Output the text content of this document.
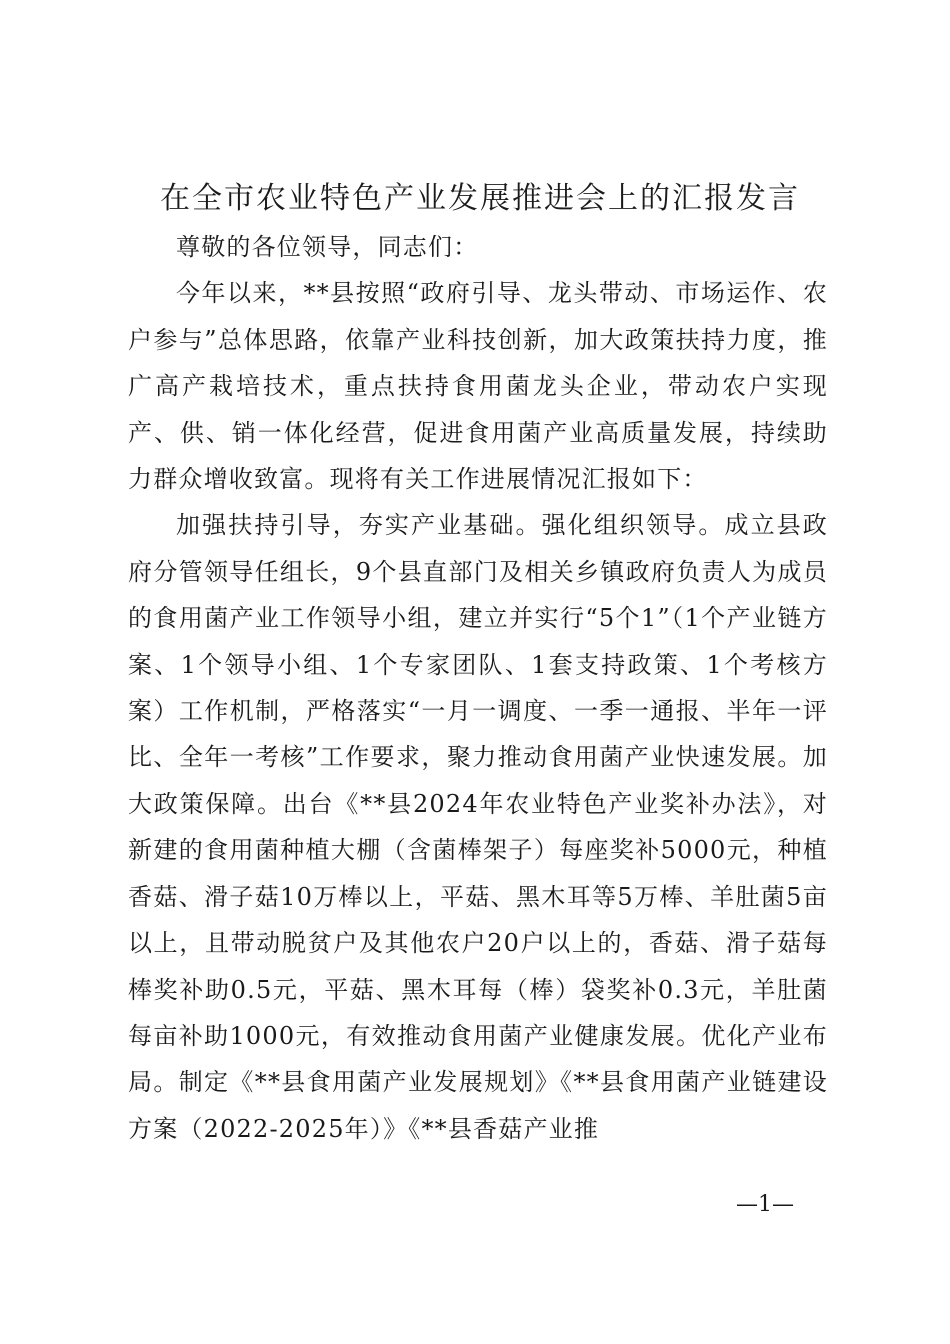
在全市农业特色产业发展推进会上的汇报发言

尊敬的各位领导，同志们：

今年以来，**县按照“政府引导、龙头带动、市场运作、农户参与”总体思路，依靠产业科技创新，加大政策扶持力度，推广高产栽培技术，重点扶持食用菌龙头企业，带动农户实现产、供、销一体化经营，促进食用菌产业高质量发展，持续助力群众增收致富。现将有关工作进展情况汇报如下：

加强扶持引导，夯实产业基础。强化组织领导。成立县政府分管领导任组长，9个县直部门及相关乡镇政府负责人为成员的食用菌产业工作领导小组，建立并实行“5个1”（1个产业链方案、1个领导小组、1个专家团队、1套支持政策、1个考核方案）工作机制，严格落实“一月一调度、一季一通报、半年一评比、全年一考核”工作要求，聚力推动食用菌产业快速发展。加大政策保障。出台《**县2024年农业特色产业奖补办法》，对新建的食用菌种植大棚（含菌棒架子）每座奖补5000元，种植香菇、滑子菇10万棒以上，平菇、黑木耳等5万棒、羊肚菌5亩以上，且带动脱贫户及其他农户20户以上的，香菇、滑子菇每棒奖补助0.5元，平菇、黑木耳每（棒）袋奖补0.3元，羊肚菌每亩补助1000元，有效推动食用菌产业健康发展。优化产业布局。制定《**县食用菌产业发展规划》《**县食用菌产业链建设方案（2022-2025年）》《**县香菇产业推

—1—
